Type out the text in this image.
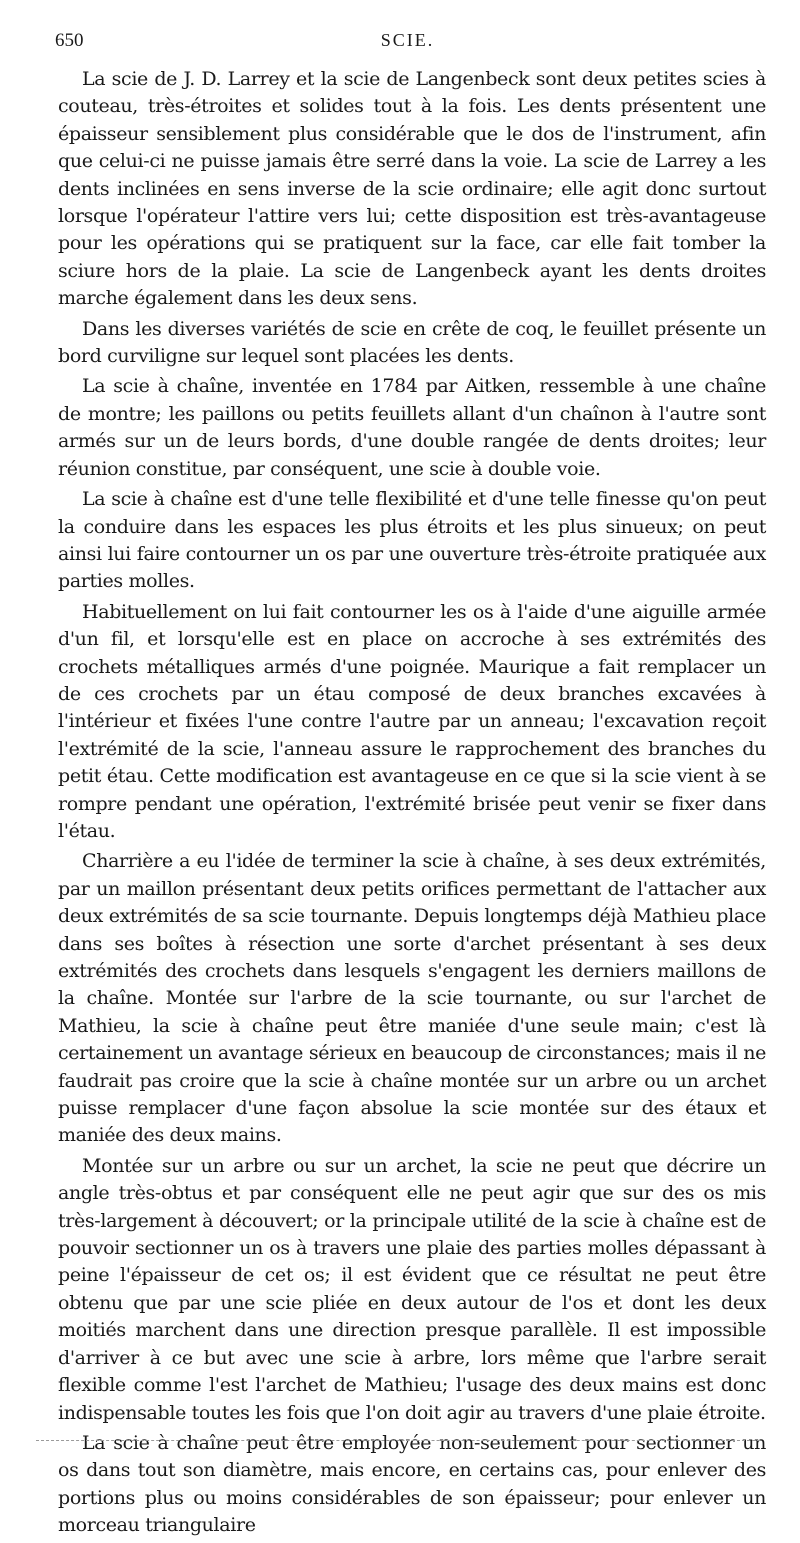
650	SCIE.

La scie de J. D. Larrey et la scie de Langenbeck sont deux petites scies à couteau, très-étroites et solides tout à la fois. Les dents présentent une épaisseur sensiblement plus considérable que le dos de l'instrument, afin que celui-ci ne puisse jamais être serré dans la voie. La scie de Larrey a les dents inclinées en sens inverse de la scie ordinaire; elle agit donc surtout lorsque l'opérateur l'attire vers lui; cette disposition est très-avantageuse pour les opérations qui se pratiquent sur la face, car elle fait tomber la sciure hors de la plaie. La scie de Langenbeck ayant les dents droites marche également dans les deux sens.

Dans les diverses variétés de scie en crête de coq, le feuillet présente un bord curviligne sur lequel sont placées les dents.

La scie à chaîne, inventée en 1784 par Aitken, ressemble à une chaîne de montre; les paillons ou petits feuillets allant d'un chaînon à l'autre sont armés sur un de leurs bords, d'une double rangée de dents droites; leur réunion constitue, par conséquent, une scie à double voie.

La scie à chaîne est d'une telle flexibilité et d'une telle finesse qu'on peut la conduire dans les espaces les plus étroits et les plus sinueux; on peut ainsi lui faire contourner un os par une ouverture très-étroite pratiquée aux parties molles.

Habituellement on lui fait contourner les os à l'aide d'une aiguille armée d'un fil, et lorsqu'elle est en place on accroche à ses extrémités des crochets métalliques armés d'une poignée. Maurique a fait remplacer un de ces crochets par un étau composé de deux branches excavées à l'intérieur et fixées l'une contre l'autre par un anneau; l'excavation reçoit l'extrémité de la scie, l'anneau assure le rapprochement des branches du petit étau. Cette modification est avantageuse en ce que si la scie vient à se rompre pendant une opération, l'extrémité brisée peut venir se fixer dans l'étau.

Charrière a eu l'idée de terminer la scie à chaîne, à ses deux extrémités, par un maillon présentant deux petits orifices permettant de l'attacher aux deux extrémités de sa scie tournante. Depuis longtemps déjà Mathieu place dans ses boîtes à résection une sorte d'archet présentant à ses deux extrémités des crochets dans lesquels s'engagent les derniers maillons de la chaîne. Montée sur l'arbre de la scie tournante, ou sur l'archet de Mathieu, la scie à chaîne peut être maniée d'une seule main; c'est là certainement un avantage sérieux en beaucoup de circonstances; mais il ne faudrait pas croire que la scie à chaîne montée sur un arbre ou un archet puisse remplacer d'une façon absolue la scie montée sur des étaux et maniée des deux mains.

Montée sur un arbre ou sur un archet, la scie ne peut que décrire un angle très-obtus et par conséquent elle ne peut agir que sur des os mis très-largement à découvert; or la principale utilité de la scie à chaîne est de pouvoir sectionner un os à travers une plaie des parties molles dépassant à peine l'épaisseur de cet os; il est évident que ce résultat ne peut être obtenu que par une scie pliée en deux autour de l'os et dont les deux moitiés marchent dans une direction presque parallèle. Il est impossible d'arriver à ce but avec une scie à arbre, lors même que l'arbre serait flexible comme l'est l'archet de Mathieu; l'usage des deux mains est donc indispensable toutes les fois que l'on doit agir au travers d'une plaie étroite.

La scie à chaîne peut être employée non-seulement pour sectionner un os dans tout son diamètre, mais encore, en certains cas, pour enlever des portions plus ou moins considérables de son épaisseur; pour enlever un morceau triangulaire
